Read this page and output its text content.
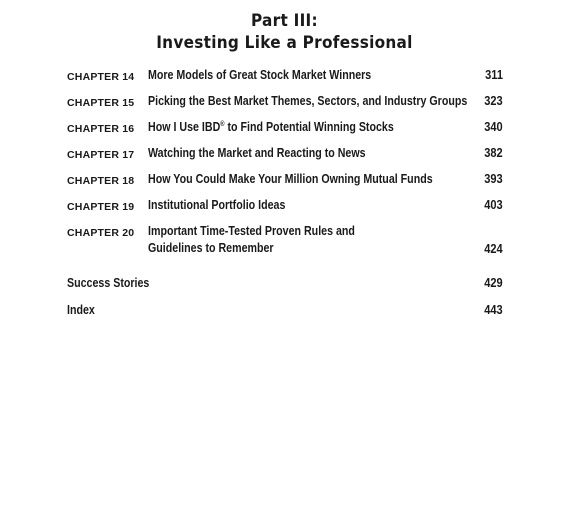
Part III:
Investing Like a Professional
CHAPTER 14 More Models of Great Stock Market Winners	311
CHAPTER 15 Picking the Best Market Themes, Sectors, and Industry Groups 323
CHAPTER 16 How I Use IBD® to Find Potential Winning Stocks	340
CHAPTER 17 Watching the Market and Reacting to News	382
CHAPTER 18 How You Could Make Your Million Owning Mutual Funds	393
CHAPTER 19 Institutional Portfolio Ideas	403
CHAPTER 20 Important Time-Tested Proven Rules and
Guidelines to Remember	424
Success Stories	429
Index	443
